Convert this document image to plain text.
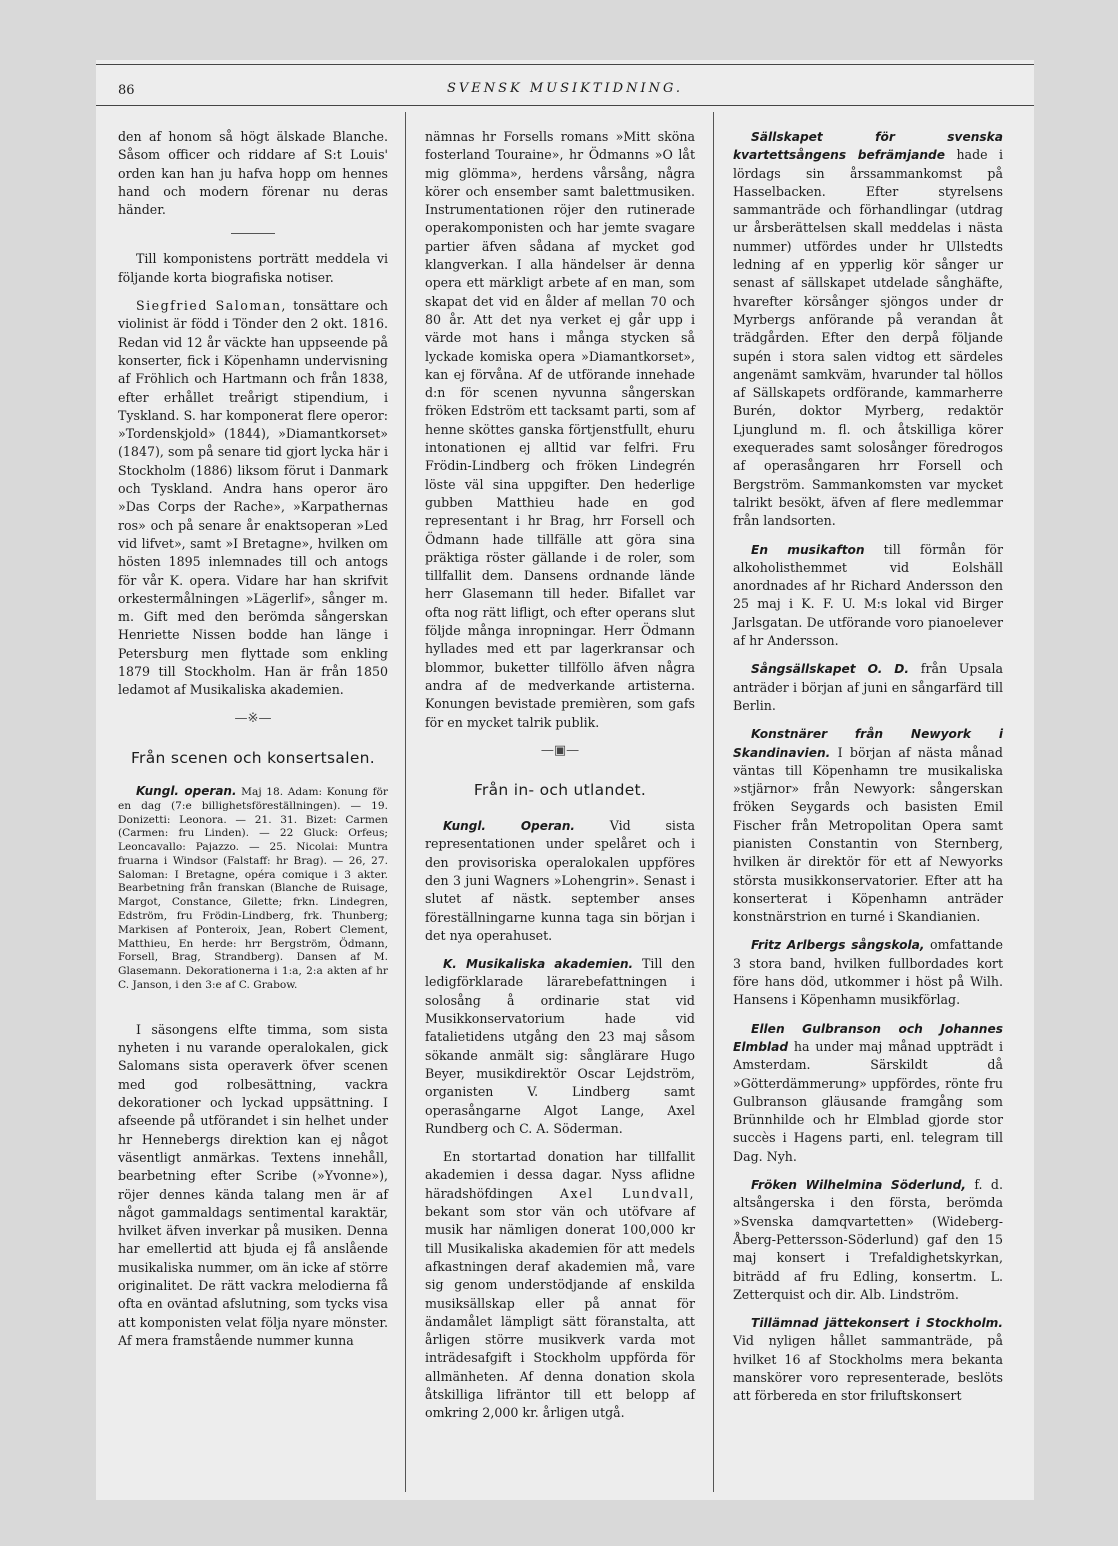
86	SVENSK MUSIKTIDNING.

den af honom så högt älskade Blanche. Såsom officer och riddare af S:t Louis' orden kan han ju hafva hopp om hennes hand och modern förenar nu deras händer.

Till komponistens porträtt meddela vi följande korta biografiska notiser.

Siegfried Saloman, tonsättare och violinist är född i Tönder den 2 okt. 1816. Redan vid 12 år väckte han uppseende på konserter, fick i Köpenhamn undervisning af Fröhlich och Hartmann och från 1838, efter erhållet treårigt stipendium, i Tyskland. S. har komponerat flere operor: »Tordenskjold» (1844), »Diamantkorset» (1847), som på senare tid gjort lycka här i Stockholm (1886) liksom förut i Danmark och Tyskland. Andra hans operor äro »Das Corps der Rache», »Karpathernas ros» och på senare år enaktsoperan »Led vid lifvet», samt »I Bretagne», hvilken om hösten 1895 inlemnades till och antogs för vår K. opera. Vidare har han skrifvit orkestermålningen »Lägerlif», sånger m. m. Gift med den berömda sångerskan Henriette Nissen bodde han länge i Petersburg men flyttade som enkling 1879 till Stockholm. Han är från 1850 ledamot af Musikaliska akademien.

—※—
Från scenen och konsertsalen.

Kungl. operan. Maj 18. Adam: Konung för en dag (7:e billighetsföreställningen). — 19. Donizetti: Leonora. — 21. 31. Bizet: Carmen (Carmen: fru Linden). — 22 Gluck: Orfeus; Leoncavallo: Pajazzo. — 25. Nicolai: Muntra fruarna i Windsor (Falstaff: hr Brag). — 26, 27. Saloman: I Bretagne, opéra comique i 3 akter. Bearbetning från franskan (Blanche de Ruisage, Margot, Constance, Gilette; frkn. Lindegren, Edström, fru Frödin-Lindberg, frk. Thunberg; Markisen af Ponteroix, Jean, Robert Clement, Matthieu, En herde: hrr Bergström, Ödmann, Forsell, Brag, Strandberg). Dansen af M. Glasemann. Dekorationerna i 1:a, 2:a akten af hr C. Janson, i den 3:e af C. Grabow.

I säsongens elfte timma, som sista nyheten i nu varande operalokalen, gick Salomans sista operaverk öfver scenen med god rolbesättning, vackra dekorationer och lyckad uppsättning. I afseende på utförandet i sin helhet under hr Hennebergs direktion kan ej något väsentligt anmärkas. Textens innehåll, bearbetning efter Scribe (»Yvonne»), röjer dennes kända talang men är af något gammaldags sentimental karaktär, hvilket äfven inverkar på musiken. Denna har emellertid att bjuda ej få anslående musikaliska nummer, om än icke af större originalitet. De rätt vackra melodierna få ofta en oväntad afslutning, som tycks visa att komponisten velat följa nyare mönster. Af mera framstående nummer kunna

nämnas hr Forsells romans »Mitt sköna fosterland Touraine», hr Ödmanns »O låt mig glömma», herdens vårsång, några körer och ensember samt balettmusiken. Instrumentationen röjer den rutinerade operakomponisten och har jemte svagare partier äfven sådana af mycket god klangverkan. I alla händelser är denna opera ett märkligt arbete af en man, som skapat det vid en ålder af mellan 70 och 80 år. Att det nya verket ej går upp i värde mot hans i många stycken så lyckade komiska opera »Diamantkorset», kan ej förvåna. Af de utförande innehade d:n för scenen nyvunna sångerskan fröken Edström ett tacksamt parti, som af henne sköttes ganska förtjenstfullt, ehuru intonationen ej alltid var felfri. Fru Frödin-Lindberg och fröken Lindegrén löste väl sina uppgifter. Den hederlige gubben Matthieu hade en god representant i hr Brag, hrr Forsell och Ödmann hade tillfälle att göra sina präktiga röster gällande i de roler, som tillfallit dem. Dansens ordnande lände herr Glasemann till heder. Bifallet var ofta nog rätt lifligt, och efter operans slut följde många inropningar. Herr Ödmann hyllades med ett par lagerkransar och blommor, buketter tillföllo äfven några andra af de medverkande artisterna. Konungen bevistade premièren, som gafs för en mycket talrik publik.

—▣—
Från in- och utlandet.

Kungl. Operan. Vid sista representationen under spelåret och i den provisoriska operalokalen uppföres den 3 juni Wagners »Lohengrin». Senast i slutet af nästk. september anses föreställningarne kunna taga sin början i det nya operahuset.

K. Musikaliska akademien. Till den ledigförklarade lärarebefattningen i solosång å ordinarie stat vid Musikkonservatorium hade vid fatalietidens utgång den 23 maj såsom sökande anmält sig: sånglärare Hugo Beyer, musikdirektör Oscar Lejdström, organisten V. Lindberg samt operasångarne Algot Lange, Axel Rundberg och C. A. Söderman.

En stortartad donation har tillfallit akademien i dessa dagar. Nyss aflidne häradshöfdingen Axel Lundvall, bekant som stor vän och utöfvare af musik har nämligen donerat 100,000 kr till Musikaliska akademien för att medels afkastningen deraf akademien må, vare sig genom understödjande af enskilda musiksällskap eller på annat för ändamålet lämpligt sätt föranstalta, att årligen större musikverk varda mot inträdesafgift i Stockholm uppförda för allmänheten. Af denna donation skola åtskilliga lifräntor till ett belopp af omkring 2,000 kr. årligen utgå.

Sällskapet för svenska kvartettsångens befrämjande hade i lördags sin årssammankomst på Hasselbacken. Efter styrelsens sammanträde och förhandlingar (utdrag ur årsberättelsen skall meddelas i nästa nummer) utfördes under hr Ullstedts ledning af en ypperlig kör sånger ur senast af sällskapet utdelade sånghäfte, hvarefter körsånger sjöngos under dr Myrbergs anförande på verandan åt trädgården. Efter den derpå följande supén i stora salen vidtog ett särdeles angenämt samkväm, hvarunder tal höllos af Sällskapets ordförande, kammarherre Burén, doktor Myrberg, redaktör Ljunglund m. fl. och åtskilliga körer exequerades samt solosånger föredrogos af operasångaren hrr Forsell och Bergström. Sammankomsten var mycket talrikt besökt, äfven af flere medlemmar från landsorten.

En musikafton till förmån för alkoholisthemmet vid Eolshäll anordnades af hr Richard Andersson den 25 maj i K. F. U. M:s lokal vid Birger Jarlsgatan. De utförande voro pianoelever af hr Andersson.

Sångsällskapet O. D. från Upsala anträder i början af juni en sångarfärd till Berlin.

Konstnärer från Newyork i Skandinavien. I början af nästa månad väntas till Köpenhamn tre musikaliska »stjärnor» från Newyork: sångerskan fröken Seygards och basisten Emil Fischer från Metropolitan Opera samt pianisten Constantin von Sternberg, hvilken är direktör för ett af Newyorks största musikkonservatorier. Efter att ha konserterat i Köpenhamn anträder konstnärstrion en turné i Skandianien.

Fritz Arlbergs sångskola, omfattande 3 stora band, hvilken fullbordades kort före hans död, utkommer i höst på Wilh. Hansens i Köpenhamn musikförlag.

Ellen Gulbranson och Johannes Elmblad ha under maj månad uppträdt i Amsterdam. Särskildt då »Götterdämmerung» uppfördes, rönte fru Gulbranson gläusande framgång som Brünnhilde och hr Elmblad gjorde stor succès i Hagens parti, enl. telegram till Dag. Nyh.

Fröken Wilhelmina Söderlund, f. d. altsångerska i den första, berömda »Svenska damqvartetten» (Wideberg-Åberg-Pettersson-Söderlund) gaf den 15 maj konsert i Trefaldighetskyrkan, biträdd af fru Edling, konsertm. L. Zetterquist och dir. Alb. Lindström.

Tillämnad jättekonsert i Stockholm. Vid nyligen hållet sammanträde, på hvilket 16 af Stockholms mera bekanta manskörer voro representerade, beslöts att förbereda en stor friluftskonsert
